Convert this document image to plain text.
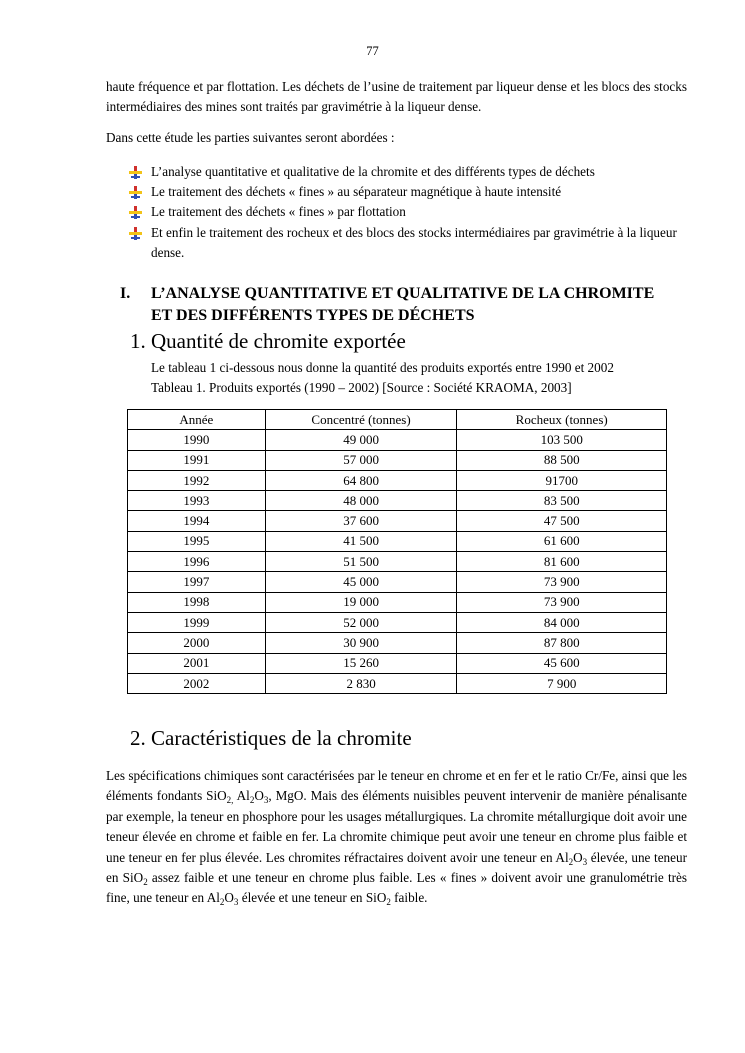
77
haute fréquence et par flottation. Les déchets de l’usine de traitement par liqueur dense et les blocs des stocks intermédiaires des mines sont traités par gravimétrie à la liqueur dense.
Dans cette étude les parties suivantes seront abordées :
L’analyse quantitative et qualitative de la chromite et des différents types de déchets
Le traitement des déchets « fines » au séparateur magnétique à haute intensité
Le traitement des déchets « fines » par flottation
Et enfin le traitement des rocheux et des blocs des stocks intermédiaires par gravimétrie à la liqueur dense.
I. L’ANALYSE QUANTITATIVE ET QUALITATIVE DE LA CHROMITE ET DES DIFFÉRENTS TYPES DE DÉCHETS
1. Quantité de chromite exportée
Le tableau 1 ci-dessous nous donne la quantité des produits exportés entre 1990 et 2002
Tableau 1. Produits exportés (1990 – 2002) [Source : Société KRAOMA, 2003]
Année	Concentré (tonnes)	Rocheux (tonnes)
1990	49 000	103 500
1991	57 000	88 500
1992	64 800	91700
1993	48 000	83 500
1994	37 600	47 500
1995	41 500	61 600
1996	51 500	81 600
1997	45 000	73 900
1998	19 000	73 900
1999	52 000	84 000
2000	30 900	87 800
2001	15 260	45 600
2002	2 830	7 900
2. Caractéristiques de la chromite
Les spécifications chimiques sont caractérisées par le teneur en chrome et en fer et le ratio Cr/Fe, ainsi que les éléments fondants SiO$_{2,}$ $Al_2O_3$, MgO. Mais des éléments nuisibles peuvent intervenir de manière pénalisante par exemple, la teneur en phosphore pour les usages métallurgiques. La chromite métallurgique doit avoir une teneur élevée en chrome et faible en fer. La chromite chimique peut avoir une teneur en chrome plus faible et une teneur en fer plus élevée. Les chromites réfractaires doivent avoir une teneur en $Al_2O_3$ élevée, une teneur en SiO$_2$ assez faible et une teneur en chrome plus faible. Les « fines » doivent avoir une granulométrie très fine, une teneur en $Al_2O_3$ élevée et une teneur en SiO$_2$ faible.
